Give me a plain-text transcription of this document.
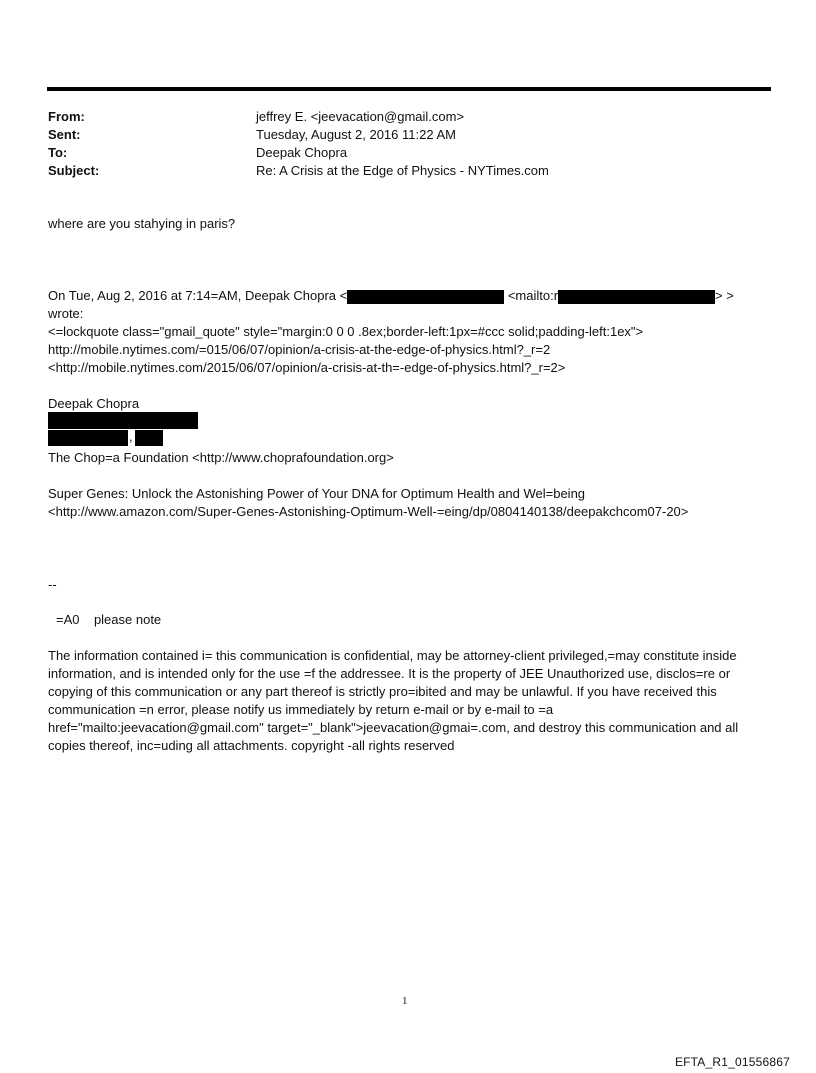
From:	jeffrey E. <jeevacation@gmail.com>
Sent:	Tuesday, August 2, 2016 11:22 AM
To:	Deepak Chopra
Subject:	Re: A Crisis at the Edge of Physics - NYTimes.com
where are you stahying in paris?
On Tue, Aug 2, 2016 at 7:14=AM, Deepak Chopra <	<mailto:r	> >
wrote:
<=lockquote class="gmail_quote" style="margin:0 0 0 .8ex;border-left:1px=#ccc solid;padding-left:1ex">
http://mobile.nytimes.com/=015/06/07/opinion/a-crisis-at-the-edge-of-physics.html?_r=2
<http://mobile.nytimes.com/2015/06/07/opinion/a-crisis-at-th=-edge-of-physics.html?_r=2>
Deepak Chopra
,
The Chop=a Foundation <http://www.choprafoundation.org>
Super Genes: Unlock the Astonishing Power of Your DNA for Optimum Health and Wel=being
<http://www.amazon.com/Super-Genes-Astonishing-Optimum-Well-=eing/dp/0804140138/deepakchcom07-20>
--
=A0    please note
The information contained i= this communication is confidential, may be attorney-client privileged,=may constitute inside information, and is intended only for the use =f the addressee. It is the property of JEE Unauthorized use, disclos=re or copying of this communication or any part thereof is strictly pro=ibited and may be unlawful. If you have received this communication =n error, please notify us immediately by return e-mail or by e-mail to =a href="mailto:jeevacation@gmail.com" target="_blank">jeevacation@gmai=.com, and destroy this communication and all copies thereof, inc=uding all attachments. copyright -all rights reserved
1
EFTA_R1_01556867
